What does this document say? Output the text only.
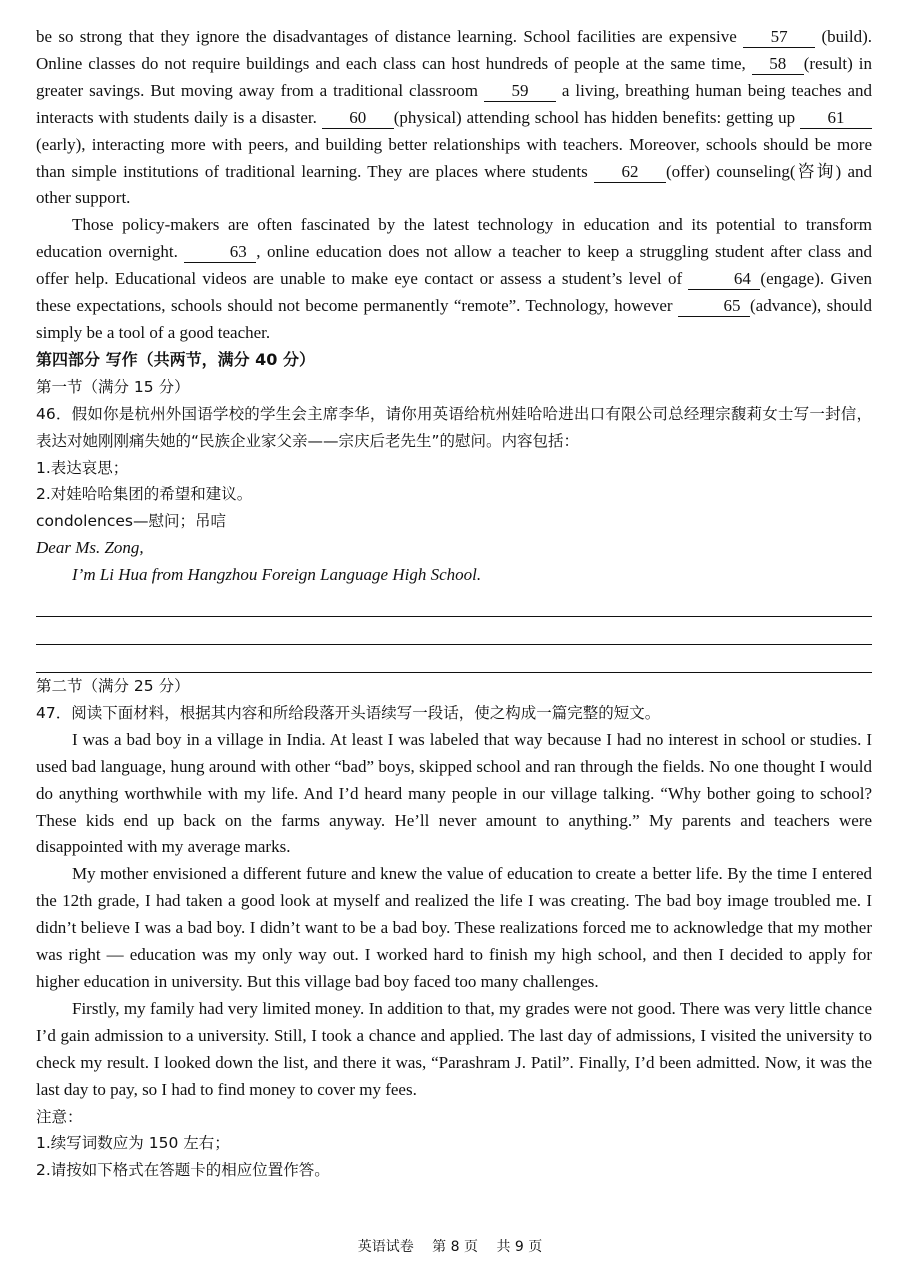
be so strong that they ignore the disadvantages of distance learning. School facilities are expensive 57 (build). Online classes do not require buildings and each class can host hundreds of people at the same time, 58 (result) in greater savings. But moving away from a traditional classroom 59 a living, breathing human being teaches and interacts with students daily is a disaster. 60 (physical) attending school has hidden benefits: getting up 61(early), interacting more with peers, and building better relationships with teachers. Moreover, schools should be more than simple institutions of traditional learning. They are places where students 62 (offer) counseling(咨询) and other support.

Those policy-makers are often fascinated by the latest technology in education and its potential to transform education overnight.	63 , online education does not allow a teacher to keep a struggling student after class and offer help. Educational videos are unable to make eye contact or assess a student’s level of	64 (engage). Given these expectations, schools should not become permanently “remote”. Technology, however	65 (advance), should simply be a tool of a good teacher.

第四部分 写作（共两节，满分 40 分）
第一节（满分 15 分）

46．假如你是杭州外国语学校的学生会主席李华，请你用英语给杭州娃哈哈进出口有限公司总经理宗馥莉女士写一封信，表达对她刚刚痛失她的“民族企业家父亲——宗庆后老先生”的慰问。内容包括：

1.表达哀思；
2.对娃哈哈集团的希望和建议。
condolences—慰问；吊唁
Dear Ms. Zong,
I’m Li Hua from Hangzhou Foreign Language High School.
第二节（满分 25 分）

47．阅读下面材料，根据其内容和所给段落开头语续写一段话，使之构成一篇完整的短文。

I was a bad boy in a village in India. At least I was labeled that way because I had no interest in school or studies. I used bad language, hung around with other “bad” boys, skipped school and ran through the fields. No one thought I would do anything worthwhile with my life. And I’d heard many people in our village talking. “Why bother going to school? These kids end up back on the farms anyway. He’ll never amount to anything.” My parents and teachers were disappointed with my average marks.

My mother envisioned a different future and knew the value of education to create a better life. By the time I entered the 12th grade, I had taken a good look at myself and realized the life I was creating. The bad boy image troubled me. I didn’t believe I was a bad boy. I didn’t want to be a bad boy. These realizations forced me to acknowledge that my mother was right — education was my only way out. I worked hard to finish my high school, and then I decided to apply for higher education in university. But this village bad boy faced too many challenges.

Firstly, my family had very limited money. In addition to that, my grades were not good. There was very little chance I’d gain admission to a university. Still, I took a chance and applied. The last day of admissions, I visited the university to check my result. I looked down the list, and there it was, “Parashram J. Patil”. Finally, I’d been admitted. Now, it was the last day to pay, so I had to find money to cover my fees.

注意：
1.续写词数应为 150 左右；
2.请按如下格式在答题卡的相应位置作答。
英语试卷　 第 8 页　 共 9 页
